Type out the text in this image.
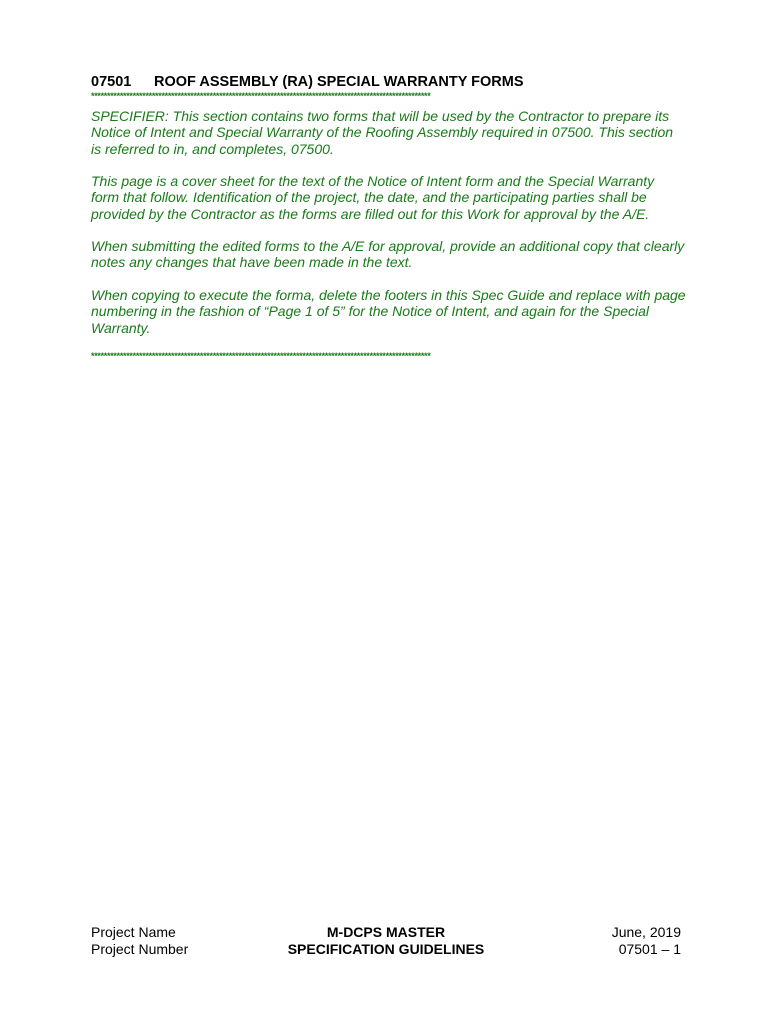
07501 ROOF ASSEMBLY (RA) SPECIAL WARRANTY FORMS
**********************************************************************************************************
SPECIFIER: This section contains two forms that will be used by the Contractor to prepare its Notice of Intent and Special Warranty of the Roofing Assembly required in 07500. This section is referred to in, and completes, 07500.
This page is a cover sheet for the text of the Notice of Intent form and the Special Warranty form that follow. Identification of the project, the date, and the participating parties shall be provided by the Contractor as the forms are filled out for this Work for approval by the A/E.
When submitting the edited forms to the A/E for approval, provide an additional copy that clearly notes any changes that have been made in the text.
When copying to execute the forma, delete the footers in this Spec Guide and replace with page numbering in the fashion of “Page 1 of 5” for the Notice of Intent, and again for the Special Warranty.
**********************************************************************************************************
Project Name
Project Number
M-DCPS MASTER
SPECIFICATION GUIDELINES
June, 2019
07501 – 1
